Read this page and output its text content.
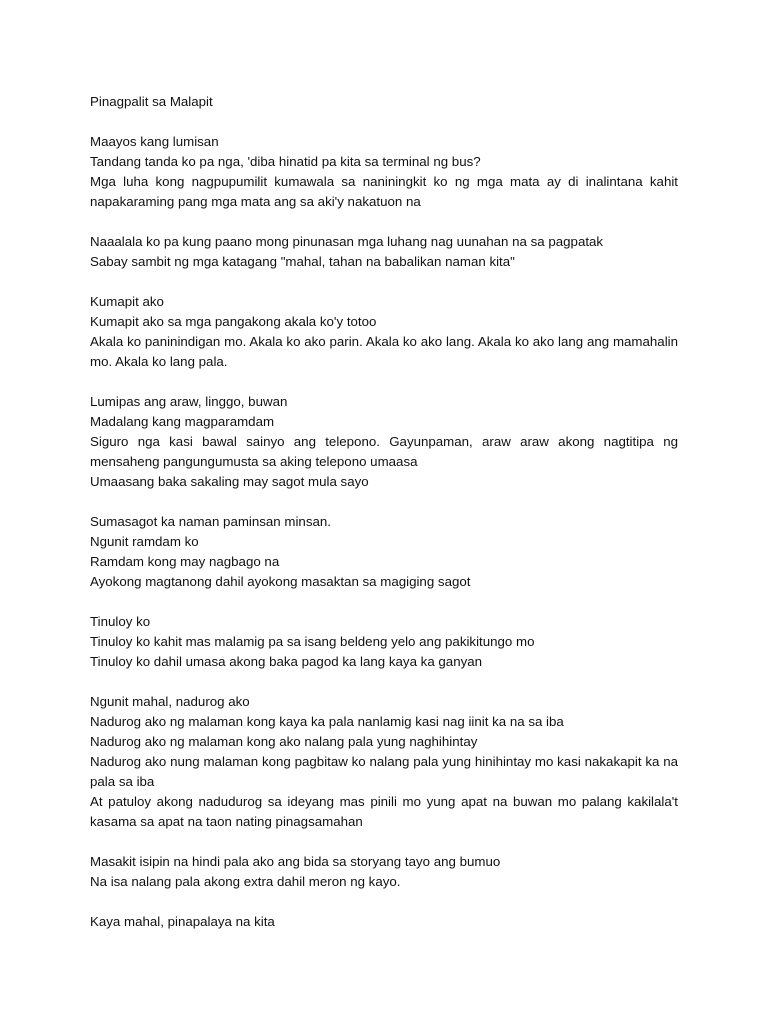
Pinagpalit sa Malapit
Maayos kang lumisan
Tandang tanda ko pa nga, 'diba hinatid pa kita sa terminal ng bus?
Mga luha kong nagpupumilit kumawala sa naniningkit ko ng mga mata ay di inalintana kahit napakaraming pang mga mata ang sa aki'y nakatuon na
Naaalala ko pa kung paano mong pinunasan mga luhang nag uunahan na sa pagpatak
Sabay sambit ng mga katagang "mahal, tahan na babalikan naman kita"
Kumapit ako
Kumapit ako sa mga pangakong akala ko'y totoo
Akala ko paninindigan mo. Akala ko ako parin. Akala ko ako lang. Akala ko ako lang ang mamahalin mo. Akala ko lang pala.
Lumipas ang araw, linggo, buwan
Madalang kang magparamdam
Siguro nga kasi bawal sainyo ang telepono. Gayunpaman, araw araw akong nagtitipa ng mensaheng pangungumusta sa aking telepono umaasa
Umaasang baka sakaling may sagot mula sayo
Sumasagot ka naman paminsan minsan.
Ngunit ramdam ko
Ramdam kong may nagbago na
Ayokong magtanong dahil ayokong masaktan sa magiging sagot
Tinuloy ko
Tinuloy ko kahit mas malamig pa sa isang beldeng yelo ang pakikitungo mo
Tinuloy ko dahil umasa akong baka pagod ka lang kaya ka ganyan
Ngunit mahal, nadurog ako
Nadurog ako ng malaman kong kaya ka pala nanlamig kasi nag iinit ka na sa iba
Nadurog ako ng malaman kong ako nalang pala yung naghihintay
Nadurog ako nung malaman kong pagbitaw ko nalang pala yung hinihintay mo kasi nakakapit ka na pala sa iba
At patuloy akong nadudurog sa ideyang mas pinili mo yung apat na buwan mo palang kakilala't kasama sa apat na taon nating pinagsamahan
Masakit isipin na hindi pala ako ang bida sa storyang tayo ang bumuo
Na isa nalang pala akong extra dahil meron ng kayo.
Kaya mahal, pinapalaya na kita
